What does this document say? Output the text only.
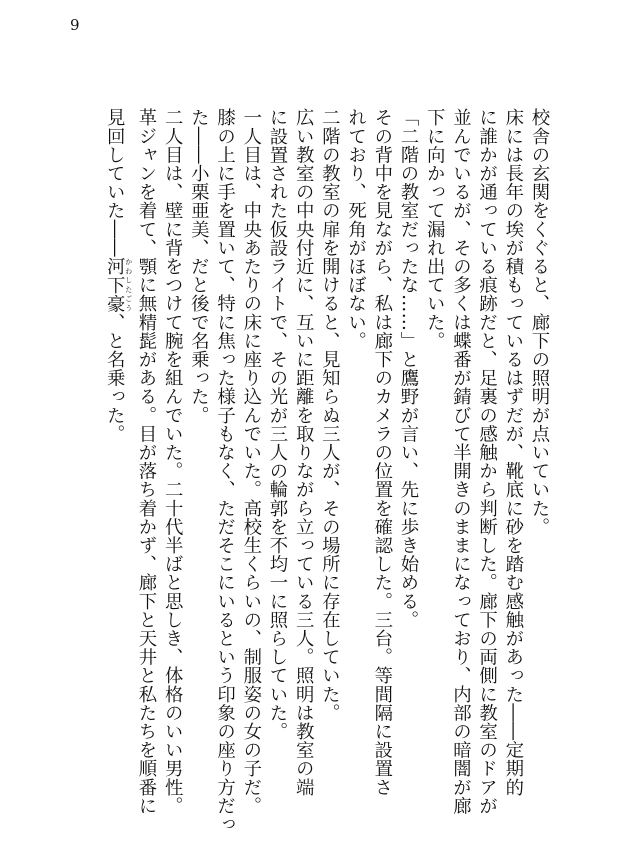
9

校舎の玄関をくぐると、廊下の照明が点いていた。

床には長年の埃が積もっているはずだが、靴底に砂を踏む感触があった――定期的

に誰かが通っている痕跡だと、足裏の感触から判断した。廊下の両側に教室のドアが

並んでいるが、その多くは蝶番が錆びて半開きのままになっており、内部の暗闇が廊

下に向かって漏れ出ていた。

「二階の教室だったな……」と鷹野が言い、先に歩き始める。

その背中を見ながら、私は廊下のカメラの位置を確認した。三台。等間隔に設置さ

れており、死角がほぼない。

二階の教室の扉を開けると、見知らぬ三人が、その場所に存在していた。

広い教室の中央付近に、互いに距離を取りながら立っている三人。照明は教室の端

に設置された仮設ライトで、その光が三人の輪郭を不均一に照らしていた。

一人目は、中央あたりの床に座り込んでいた。高校生くらいの、制服姿の女の子だ。

膝の上に手を置いて、特に焦った様子もなく、ただそこにいるという印象の座り方だっ

た――小栗亜美、だと後で名乗った。

二人目は、壁に背をつけて腕を組んでいた。二十代半ばと思しき、体格のいい男性。

革ジャンを着て、顎に無精髭がある。目が落ち着かず、廊下と天井と私たちを順番に

見回していた――河下豪 かわしたごう、と名乗った。
